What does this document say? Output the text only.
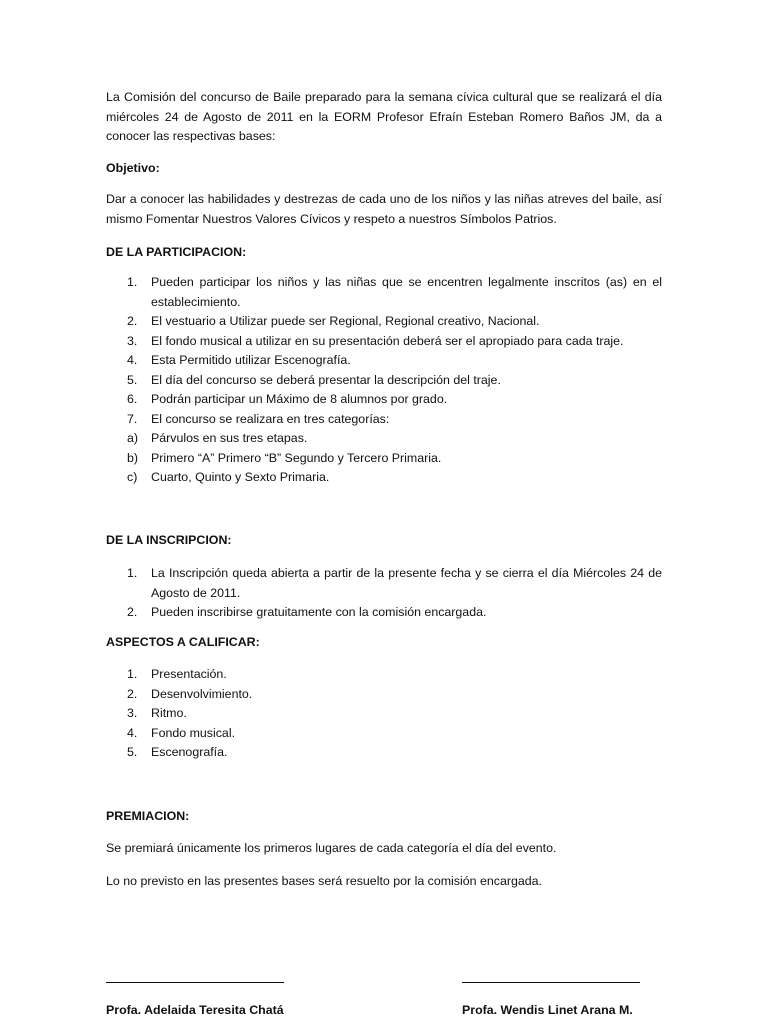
La Comisión del concurso de Baile preparado para la semana cívica cultural que se realizará el día miércoles 24 de Agosto de 2011 en la EORM Profesor Efraín Esteban Romero Baños JM, da a conocer las respectivas bases:

Objetivo:

Dar a conocer las habilidades y destrezas de cada uno de los niños y las niñas atreves del baile, así mismo Fomentar Nuestros Valores Cívicos y respeto a nuestros Símbolos Patrios.

DE LA PARTICIPACION:

1. Pueden participar los niños y las niñas que se encentren legalmente inscritos (as) en el establecimiento.
2. El vestuario a Utilizar puede ser Regional, Regional creativo, Nacional.
3. El fondo musical a utilizar en su presentación deberá ser el apropiado para cada traje.
4. Esta Permitido utilizar Escenografía.
5. El día del concurso se deberá presentar la descripción del traje.
6. Podrán participar un Máximo de 8 alumnos por grado.
7. El concurso se realizara en tres categorías:
a) Párvulos en sus tres etapas.
b) Primero “A” Primero “B” Segundo y Tercero Primaria.
c) Cuarto, Quinto y Sexto Primaria.

DE LA INSCRIPCION:

1. La Inscripción queda abierta a partir de la presente fecha y se cierra el día Miércoles 24 de Agosto de 2011.
2. Pueden inscribirse gratuitamente con la comisión encargada.

ASPECTOS A CALIFICAR:

1. Presentación.
2. Desenvolvimiento.
3. Ritmo.
4. Fondo musical.
5. Escenografía.

PREMIACION:

Se premiará únicamente los primeros lugares de cada categoría el día del evento.

Lo no previsto en las presentes bases será resuelto por la comisión encargada.

Profa. Adelaida Teresita Chatá	Profa. Wendis Linet Arana M.
